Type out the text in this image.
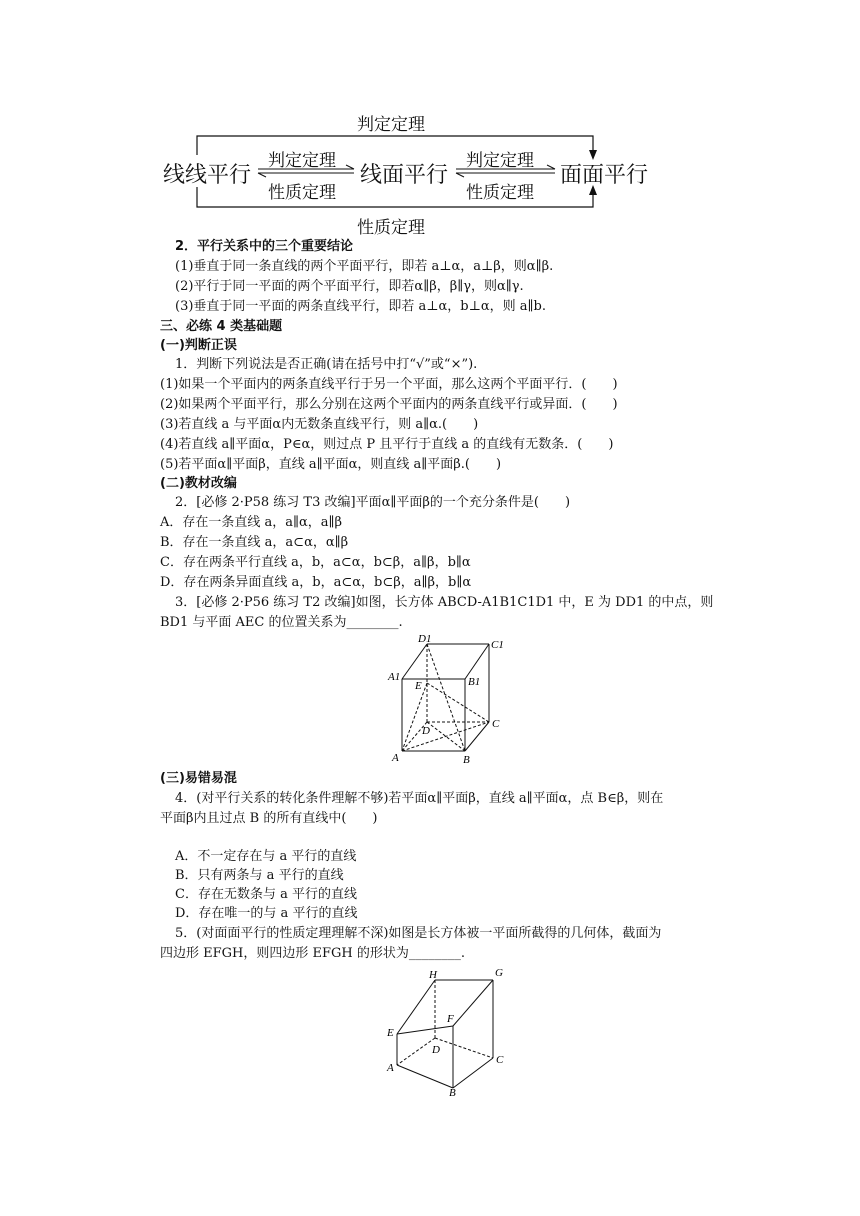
判定定理
性质定理
线线平行	线面平行	面面平行
判定定理
性质定理
判定定理
性质定理
2．平行关系中的三个重要结论
(1)垂直于同一条直线的两个平面平行，即若 a⊥α，a⊥β，则α∥β.
(2)平行于同一平面的两个平面平行，即若α∥β，β∥γ，则α∥γ.
(3)垂直于同一平面的两条直线平行，即若 a⊥α，b⊥α，则 a∥b.
三、必练 4 类基础题
(一)判断正误
1．判断下列说法是否正确(请在括号中打“√”或“×”).
(1)如果一个平面内的两条直线平行于另一个平面，那么这两个平面平行．(　　)
(2)如果两个平面平行，那么分别在这两个平面内的两条直线平行或异面．(　　)
(3)若直线 a 与平面α内无数条直线平行，则 a∥α.(　　)
(4)若直线 a∥平面α，P∈α，则过点 P 且平行于直线 a 的直线有无数条．(　　)
(5)若平面α∥平面β，直线 a∥平面α，则直线 a∥平面β.(　　)
(二)教材改编
2．[必修 2·P58 练习 T3 改编]平面α∥平面β的一个充分条件是(　　)
A．存在一条直线 a，a∥α，a∥β
B．存在一条直线 a，a⊂α，α∥β
C．存在两条平行直线 a，b，a⊂α，b⊂β，a∥β，b∥α
D．存在两条异面直线 a，b，a⊂α，b⊂β，a∥β，b∥α
3．[必修 2·P56 练习 T2 改编]如图，长方体 ABCD-A1B1C1D1 中，E 为 DD1 的中点，则
BD1 与平面 AEC 的位置关系为________.
D1	C1
A1	B1
E
C
D
A	B
(三)易错易混
4．(对平行关系的转化条件理解不够)若平面α∥平面β，直线 a∥平面α，点 B∈β，则在
平面β内且过点 B 的所有直线中(　　)
A．不一定存在与 a 平行的直线
B．只有两条与 a 平行的直线
C．存在无数条与 a 平行的直线
D．存在唯一的与 a 平行的直线
5．(对面面平行的性质定理理解不深)如图是长方体被一平面所截得的几何体，截面为
四边形 EFGH，则四边形 EFGH 的形状为________.
H	G
E
F
D
C
A
B
